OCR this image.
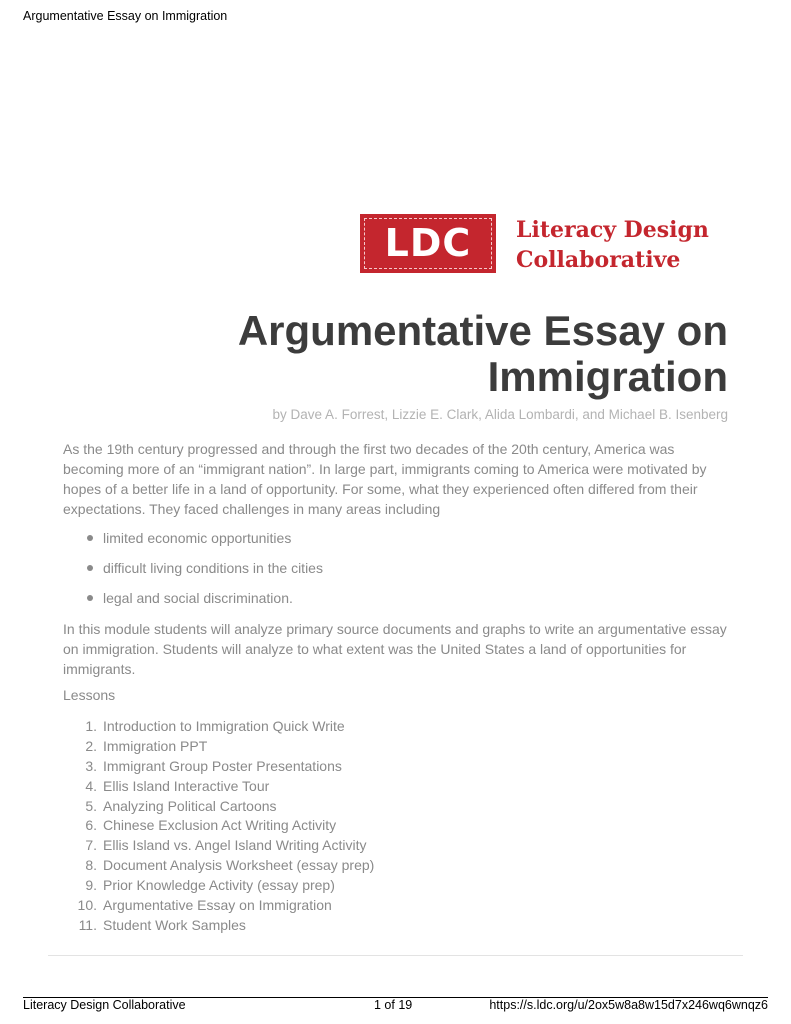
Argumentative Essay on Immigration
LDC	Literacy Design
Collaborative
Argumentative Essay on
Immigration
by Dave A. Forrest, Lizzie E. Clark, Alida Lombardi, and Michael B. Isenberg

As the 19th century progressed and through the first two decades of the 20th century, America was becoming more of an “immigrant nation”. In large part, immigrants coming to America were motivated by hopes of a better life in a land of opportunity. For some, what they experienced often differed from their expectations. They faced challenges in many areas including

limited economic opportunities
difficult living conditions in the cities
legal and social discrimination.

In this module students will analyze primary source documents and graphs to write an argumentative essay on immigration. Students will analyze to what extent was the United States a land of opportunities for immigrants.

Lessons
1. Introduction to Immigration Quick Write
2. Immigration PPT
3. Immigrant Group Poster Presentations
4. Ellis Island Interactive Tour
5. Analyzing Political Cartoons
6. Chinese Exclusion Act Writing Activity
7. Ellis Island vs. Angel Island Writing Activity
8. Document Analysis Worksheet (essay prep)
9. Prior Knowledge Activity (essay prep)
10. Argumentative Essay on Immigration
11. Student Work Samples
Literacy Design Collaborative	1 of 19	https://s.ldc.org/u/2ox5w8a8w15d7x246wq6wnqz6
